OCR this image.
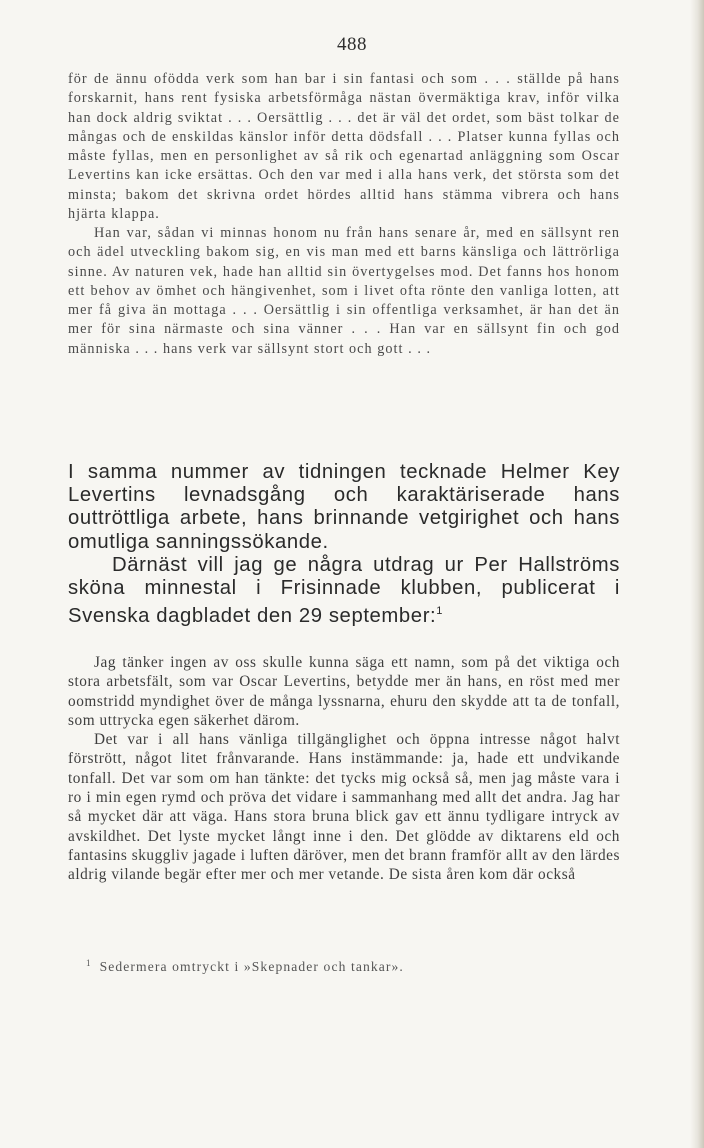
488

för de ännu ofödda verk som han bar i sin fantasi och som . . . ställde på hans forskarnit, hans rent fysiska arbetsförmåga nästan övermäktiga krav, inför vilka han dock aldrig sviktat . . . Oersättlig . . . det är väl det ordet, som bäst tolkar de mångas och de enskildas känslor inför detta dödsfall . . . Platser kunna fyllas och måste fyllas, men en personlighet av så rik och egenartad anläggning som Oscar Levertins kan icke ersättas. Och den var med i alla hans verk, det största som det minsta; bakom det skrivna ordet hördes alltid hans stämma vibrera och hans hjärta klappa.

Han var, sådan vi minnas honom nu från hans senare år, med en sällsynt ren och ädel utveckling bakom sig, en vis man med ett barns känsliga och lättrörliga sinne. Av naturen vek, hade han alltid sin övertygelses mod. Det fanns hos honom ett behov av ömhet och hängivenhet, som i livet ofta rönte den vanliga lotten, att mer få giva än mottaga . . . Oersättlig i sin offentliga verksamhet, är han det än mer för sina närmaste och sina vänner . . . Han var en sällsynt fin och god människa . . . hans verk var sällsynt stort och gott . . .

I samma nummer av tidningen tecknade Helmer Key Levertins levnadsgång och karaktäriserade hans outtröttliga arbete, hans brinnande vetgirighet och hans omutliga sanningssökande.

Därnäst vill jag ge några utdrag ur Per Hallströms sköna minnestal i Frisinnade klubben, publicerat i Svenska dagbladet den 29 september:$^1$

Jag tänker ingen av oss skulle kunna säga ett namn, som på det viktiga och stora arbetsfält, som var Oscar Levertins, betydde mer än hans, en röst med mer oomstridd myndighet över de många lyssnarna, ehuru den skydde att ta de tonfall, som uttrycka egen säkerhet därom.

Det var i all hans vänliga tillgänglighet och öppna intresse något halvt förstrött, något litet frånvarande. Hans instämmande: ja, hade ett undvikande tonfall. Det var som om han tänkte: det tycks mig också så, men jag måste vara i ro i min egen rymd och pröva det vidare i sammanhang med allt det andra. Jag har så mycket där att väga. Hans stora bruna blick gav ett ännu tydligare intryck av avskildhet. Det lyste mycket långt inne i den. Det glödde av diktarens eld och fantasins skuggliv jagade i luften däröver, men det brann framför allt av den lärdes aldrig vilande begär efter mer och mer vetande. De sista åren kom där också

$^1$ Sedermera omtryckt i »Skepnader och tankar».
